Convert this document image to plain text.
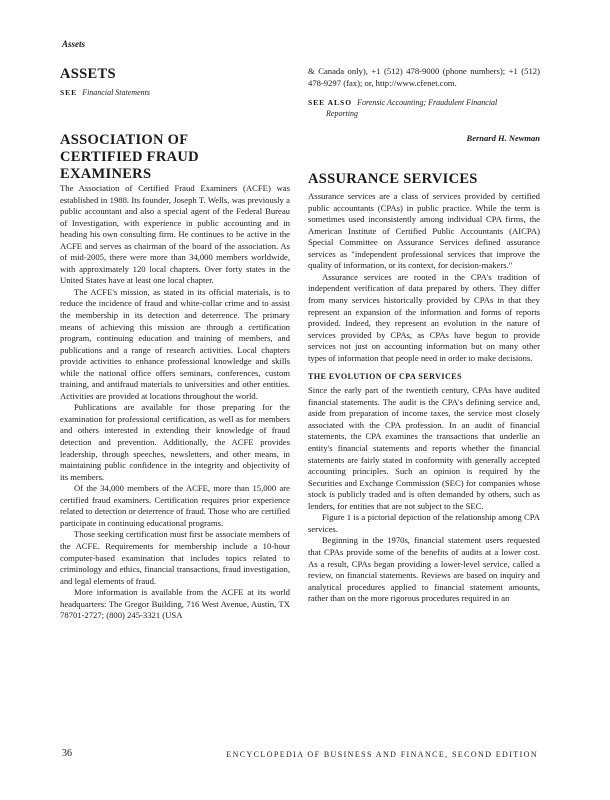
Assets
ASSETS
SEE Financial Statements
ASSOCIATION OF
CERTIFIED FRAUD
EXAMINERS

The Association of Certified Fraud Examiners (ACFE) was established in 1988. Its founder, Joseph T. Wells, was previously a public accountant and also a special agent of the Federal Bureau of Investigation, with experience in public accounting and in heading his own consulting firm. He continues to be active in the ACFE and serves as chairman of the board of the association. As of mid-2005, there were more than 34,000 members worldwide, with approximately 120 local chapters. Over forty states in the United States have at least one local chapter.

The ACFE's mission, as stated in its official materials, is to reduce the incidence of fraud and white-collar crime and to assist the membership in its detection and deterrence. The primary means of achieving this mission are through a certification program, continuing education and training of members, and publications and a range of research activities. Local chapters provide activities to enhance professional knowledge and skills while the national office offers seminars, conferences, custom training, and antifraud materials to universities and other entities. Activities are provided at locations throughout the world.

Publications are available for those preparing for the examination for professional certification, as well as for members and others interested in extending their knowledge of fraud detection and prevention. Additionally, the ACFE provides leadership, through speeches, newsletters, and other means, in maintaining public confidence in the integrity and objectivity of its members.

Of the 34,000 members of the ACFE, more than 15,000 are certified fraud examiners. Certification requires prior experience related to detection or deterrence of fraud. Those who are certified participate in continuing educational programs.

Those seeking certification must first be associate members of the ACFE. Requirements for membership include a 10-hour computer-based examination that includes topics related to criminology and ethics, financial transactions, fraud investigation, and legal elements of fraud.

More information is available from the ACFE at its world headquarters: The Gregor Building, 716 West Avenue, Austin, TX 78701-2727; (800) 245-3321 (USA

& Canada only), +1 (512) 478-9000 (phone numbers); +1 (512) 478-9297 (fax); or, http://www.cfenet.com.

SEE ALSO Forensic Accounting; Fraudulent Financial
Reporting
Bernard H. Newman
ASSURANCE SERVICES

Assurance services are a class of services provided by certified public accountants (CPAs) in public practice. While the term is sometimes used inconsistently among individual CPA firms, the American Institute of Certified Public Accountants (AICPA) Special Committee on Assurance Services defined assurance services as "independent professional services that improve the quality of information, or its context, for decision-makers."

Assurance services are rooted in the CPA's tradition of independent verification of data prepared by others. They differ from many services historically provided by CPAs in that they represent an expansion of the information and forms of reports provided. Indeed, they represent an evolution in the nature of services provided by CPAs, as CPAs have begun to provide services not just on accounting information but on many other types of information that people need in order to make decisions.

THE EVOLUTION OF CPA SERVICES

Since the early part of the twentieth century, CPAs have audited financial statements. The audit is the CPA's defining service and, aside from preparation of income taxes, the service most closely associated with the CPA profession. In an audit of financial statements, the CPA examines the transactions that underlie an entity's financial statements and reports whether the financial statements are fairly stated in conformity with generally accepted accounting principles. Such an opinion is required by the Securities and Exchange Commission (SEC) for companies whose stock is publicly traded and is often demanded by others, such as lenders, for entities that are not subject to the SEC.

Figure 1 is a pictorial depiction of the relationship among CPA services.

Beginning in the 1970s, financial statement users requested that CPAs provide some of the benefits of audits at a lower cost. As a result, CPAs began providing a lower-level service, called a review, on financial statements. Reviews are based on inquiry and analytical procedures applied to financial statement amounts, rather than on the more rigorous procedures required in an

36	ENCYCLOPEDIA OF BUSINESS AND FINANCE, SECOND EDITION
